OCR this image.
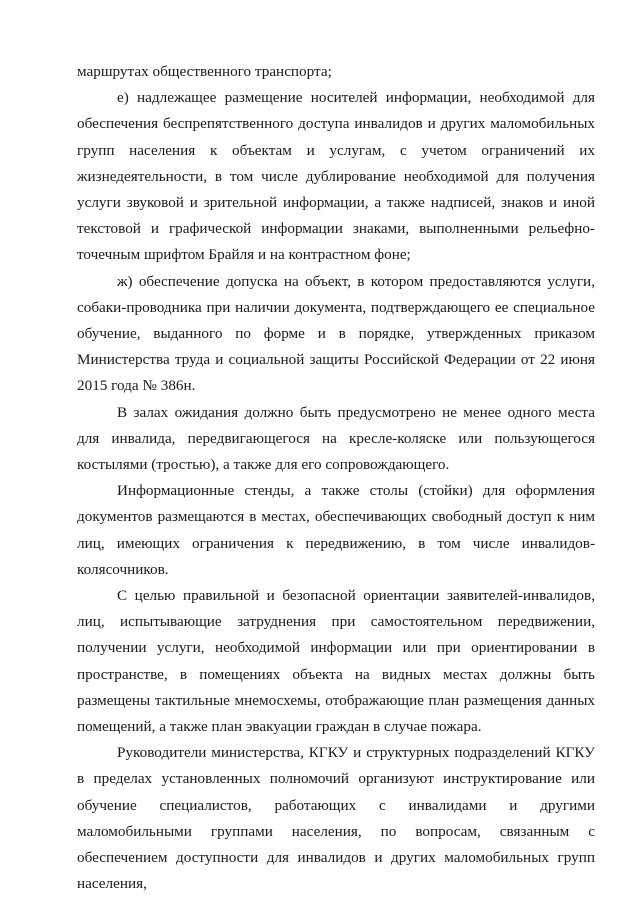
маршрутах общественного транспорта;

е) надлежащее размещение носителей информации, необходимой для обеспечения беспрепятственного доступа инвалидов и других маломобильных групп населения к объектам и услугам, с учетом ограничений их жизнедеятельности, в том числе дублирование необходимой для получения услуги звуковой и зрительной информации, а также надписей, знаков и иной текстовой и графической информации знаками, выполненными рельефно-точечным шрифтом Брайля и на контрастном фоне;

ж) обеспечение допуска на объект, в котором предоставляются услуги, собаки-проводника при наличии документа, подтверждающего ее специальное обучение, выданного по форме и в порядке, утвержденных приказом Министерства труда и социальной защиты Российской Федерации от 22 июня 2015 года № 386н.

В залах ожидания должно быть предусмотрено не менее одного места для инвалида, передвигающегося на кресле-коляске или пользующегося костылями (тростью), а также для его сопровождающего.

Информационные стенды, а также столы (стойки) для оформления документов размещаются в местах, обеспечивающих свободный доступ к ним лиц, имеющих ограничения к передвижению, в том числе инвалидов-колясочников.

С целью правильной и безопасной ориентации заявителей-инвалидов, лиц, испытывающие затруднения при самостоятельном передвижении, получении услуги, необходимой информации или при ориентировании в пространстве, в помещениях объекта на видных местах должны быть размещены тактильные мнемосхемы, отображающие план размещения данных помещений, а также план эвакуации граждан в случае пожара.

Руководители министерства, КГКУ и структурных подразделений КГКУ в пределах установленных полномочий организуют инструктирование или обучение специалистов, работающих с инвалидами и другими маломобильными группами населения, по вопросам, связанным с обеспечением доступности для инвалидов и других маломобильных групп населения,
